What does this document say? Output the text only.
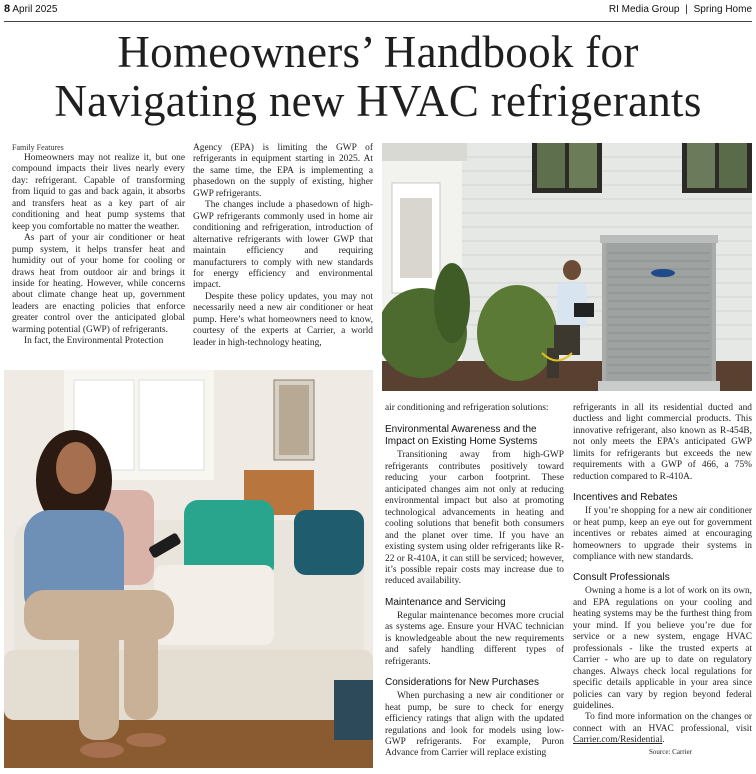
8 April 2025	RI Media Group | Spring Home
Homeowners’ Handbook for
Navigating new HVAC refrigerants
Family Features

Homeowners may not realize it, but one compound impacts their lives nearly every day: refrigerant. Capable of transforming from liquid to gas and back again, it absorbs and transfers heat as a key part of air conditioning and heat pump systems that keep you comfortable no matter the weather.

As part of your air conditioner or heat pump system, it helps transfer heat and humidity out of your home for cooling or draws heat from outdoor air and brings it inside for heating. However, while concerns about climate change heat up, government leaders are enacting policies that enforce greater control over the anticipated global warming potential (GWP) of refrigerants.

In fact, the Environmental Protection

Agency (EPA) is limiting the GWP of refrigerants in equipment starting in 2025. At the same time, the EPA is implementing a phasedown on the supply of existing, higher GWP refrigerants.

The changes include a phasedown of high-GWP refrigerants commonly used in home air conditioning and refrigeration, introduction of alternative refrigerants with lower GWP that maintain efficiency and requiring manufacturers to comply with new standards for energy efficiency and environmental impact.

Despite these policy updates, you may not necessarily need a new air conditioner or heat pump. Here’s what homeowners need to know, courtesy of the experts at Carrier, a world leader in high-technology heating,

air conditioning and refrigeration solutions:

Environmental Awareness and the Impact on Existing Home Systems

Transitioning away from high-GWP refrigerants contributes positively toward reducing your carbon footprint. These anticipated changes aim not only at reducing environmental impact but also at promoting technological advancements in heating and cooling solutions that benefit both consumers and the planet over time. If you have an existing system using older refrigerants like R-22 or R-410A, it can still be serviced; however, it’s possible repair costs may increase due to reduced availability.

Maintenance and Servicing

Regular maintenance becomes more crucial as systems age. Ensure your HVAC technician is knowledgeable about the new requirements and safely handling different types of refrigerants.

Considerations for New Purchases

When purchasing a new air conditioner or heat pump, be sure to check for energy efficiency ratings that align with the updated regulations and look for models using low-GWP refrigerants. For example, Puron Advance from Carrier will replace existing

refrigerants in all its residential ducted and ductless and light commercial products. This innovative refrigerant, also known as R-454B, not only meets the EPA’s anticipated GWP limits for refrigerants but exceeds the new requirements with a GWP of 466, a 75% reduction compared to R-410A.

Incentives and Rebates

If you’re shopping for a new air conditioner or heat pump, keep an eye out for government incentives or rebates aimed at encouraging homeowners to upgrade their systems in compliance with new standards.

Consult Professionals

Owning a home is a lot of work on its own, and EPA regulations on your cooling and heating systems may be the furthest thing from your mind. If you believe you’re due for service or a new system, engage HVAC professionals - like the trusted experts at Carrier - who are up to date on regulatory changes. Always check local regulations for specific details applicable in your area since policies can vary by region beyond federal guidelines.

To find more information on the changes or connect with an HVAC professional, visit Carrier.com/Residential.

Source: Carrier
